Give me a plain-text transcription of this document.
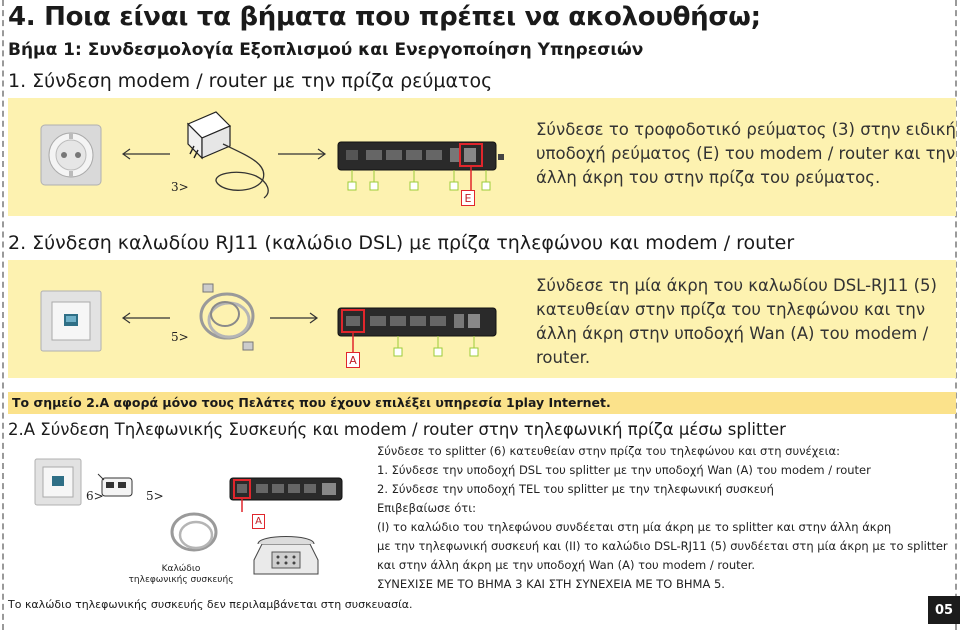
4. Ποια είναι τα βήματα που πρέπει να ακολουθήσω;
Βήμα 1: Συνδεσμολογία Εξοπλισμού και Ενεργοποίηση Υπηρεσιών
1. Σύνδεση modem / router με την πρίζα ρεύματος
3>
E
Σύνδεσε το τροφοδοτικό ρεύματος (3) στην ειδική υποδοχή ρεύματος (Ε) του modem / router και την άλλη άκρη του στην πρίζα του ρεύματος.
2. Σύνδεση καλωδίου RJ11 (καλώδιο DSL) με πρίζα τηλεφώνου και modem / router
5>
A
Σύνδεσε τη μία άκρη του καλωδίου DSL-RJ11 (5) κατευθείαν στην πρίζα του τηλεφώνου και την άλλη άκρη στην υποδοχή Wan (A) του modem / router.
Το σημείο 2.Α αφορά μόνο τους Πελάτες που έχουν επιλέξει υπηρεσία 1play Internet.
2.Α Σύνδεση Τηλεφωνικής Συσκευής και modem / router στην τηλεφωνική πρίζα μέσω splitter
6>	5>
A
Καλώδιο
τηλεφωνικής συσκευής
Σύνδεσε το splitter (6) κατευθείαν στην πρίζα του τηλεφώνου και στη συνέχεια:
1. Σύνδεσε την υποδοχή DSL του splitter με την υποδοχή Wan (A) του modem / router
2. Σύνδεσε την υποδοχή TEL του splitter με την τηλεφωνική συσκευή
Επιβεβαίωσε ότι:
(Ι) το καλώδιο του τηλεφώνου συνδέεται στη μία άκρη με το splitter και στην άλλη άκρη
με την τηλεφωνική συσκευή και (ΙΙ) το καλώδιο DSL-RJ11 (5) συνδέεται στη μία άκρη με το splitter
και στην άλλη άκρη με την υποδοχή Wan (A) του modem / router.
ΣΥΝΕΧΙΣΕ ΜΕ ΤΟ ΒΗΜΑ 3 ΚΑΙ ΣΤΗ ΣΥΝΕΧΕΙΑ ΜΕ ΤΟ ΒΗΜΑ 5.
Το καλώδιο τηλεφωνικής συσκευής δεν περιλαμβάνεται στη συσκευασία.	05
